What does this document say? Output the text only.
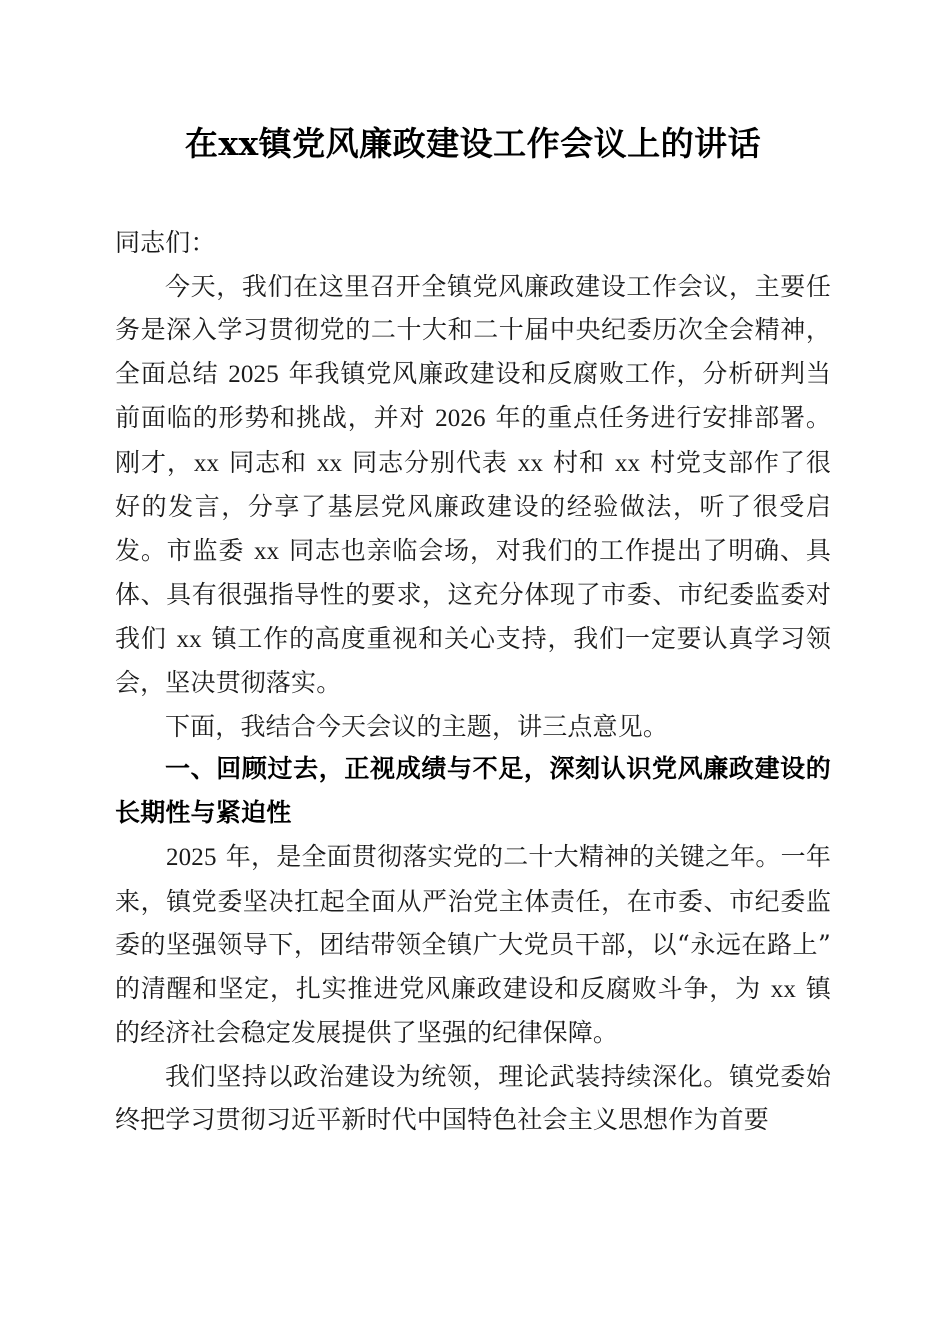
在xx镇党风廉政建设工作会议上的讲话

同志们：

今天，我们在这里召开全镇党风廉政建设工作会议，主要任务是深入学习贯彻党的二十大和二十届中央纪委历次全会精神，全面总结 2025 年我镇党风廉政建设和反腐败工作，分析研判当前面临的形势和挑战，并对 2026 年的重点任务进行安排部署。刚才，xx 同志和 xx 同志分别代表 xx 村和 xx 村党支部作了很好的发言，分享了基层党风廉政建设的经验做法，听了很受启发。市监委 xx 同志也亲临会场，对我们的工作提出了明确、具体、具有很强指导性的要求，这充分体现了市委、市纪委监委对我们 xx 镇工作的高度重视和关心支持，我们一定要认真学习领会，坚决贯彻落实。

下面，我结合今天会议的主题，讲三点意见。

一、回顾过去，正视成绩与不足，深刻认识党风廉政建设的长期性与紧迫性

2025 年，是全面贯彻落实党的二十大精神的关键之年。一年来，镇党委坚决扛起全面从严治党主体责任，在市委、市纪委监委的坚强领导下，团结带领全镇广大党员干部，以“永远在路上”的清醒和坚定，扎实推进党风廉政建设和反腐败斗争，为 xx 镇的经济社会稳定发展提供了坚强的纪律保障。

我们坚持以政治建设为统领，理论武装持续深化。镇党委始终把学习贯彻习近平新时代中国特色社会主义思想作为首要
